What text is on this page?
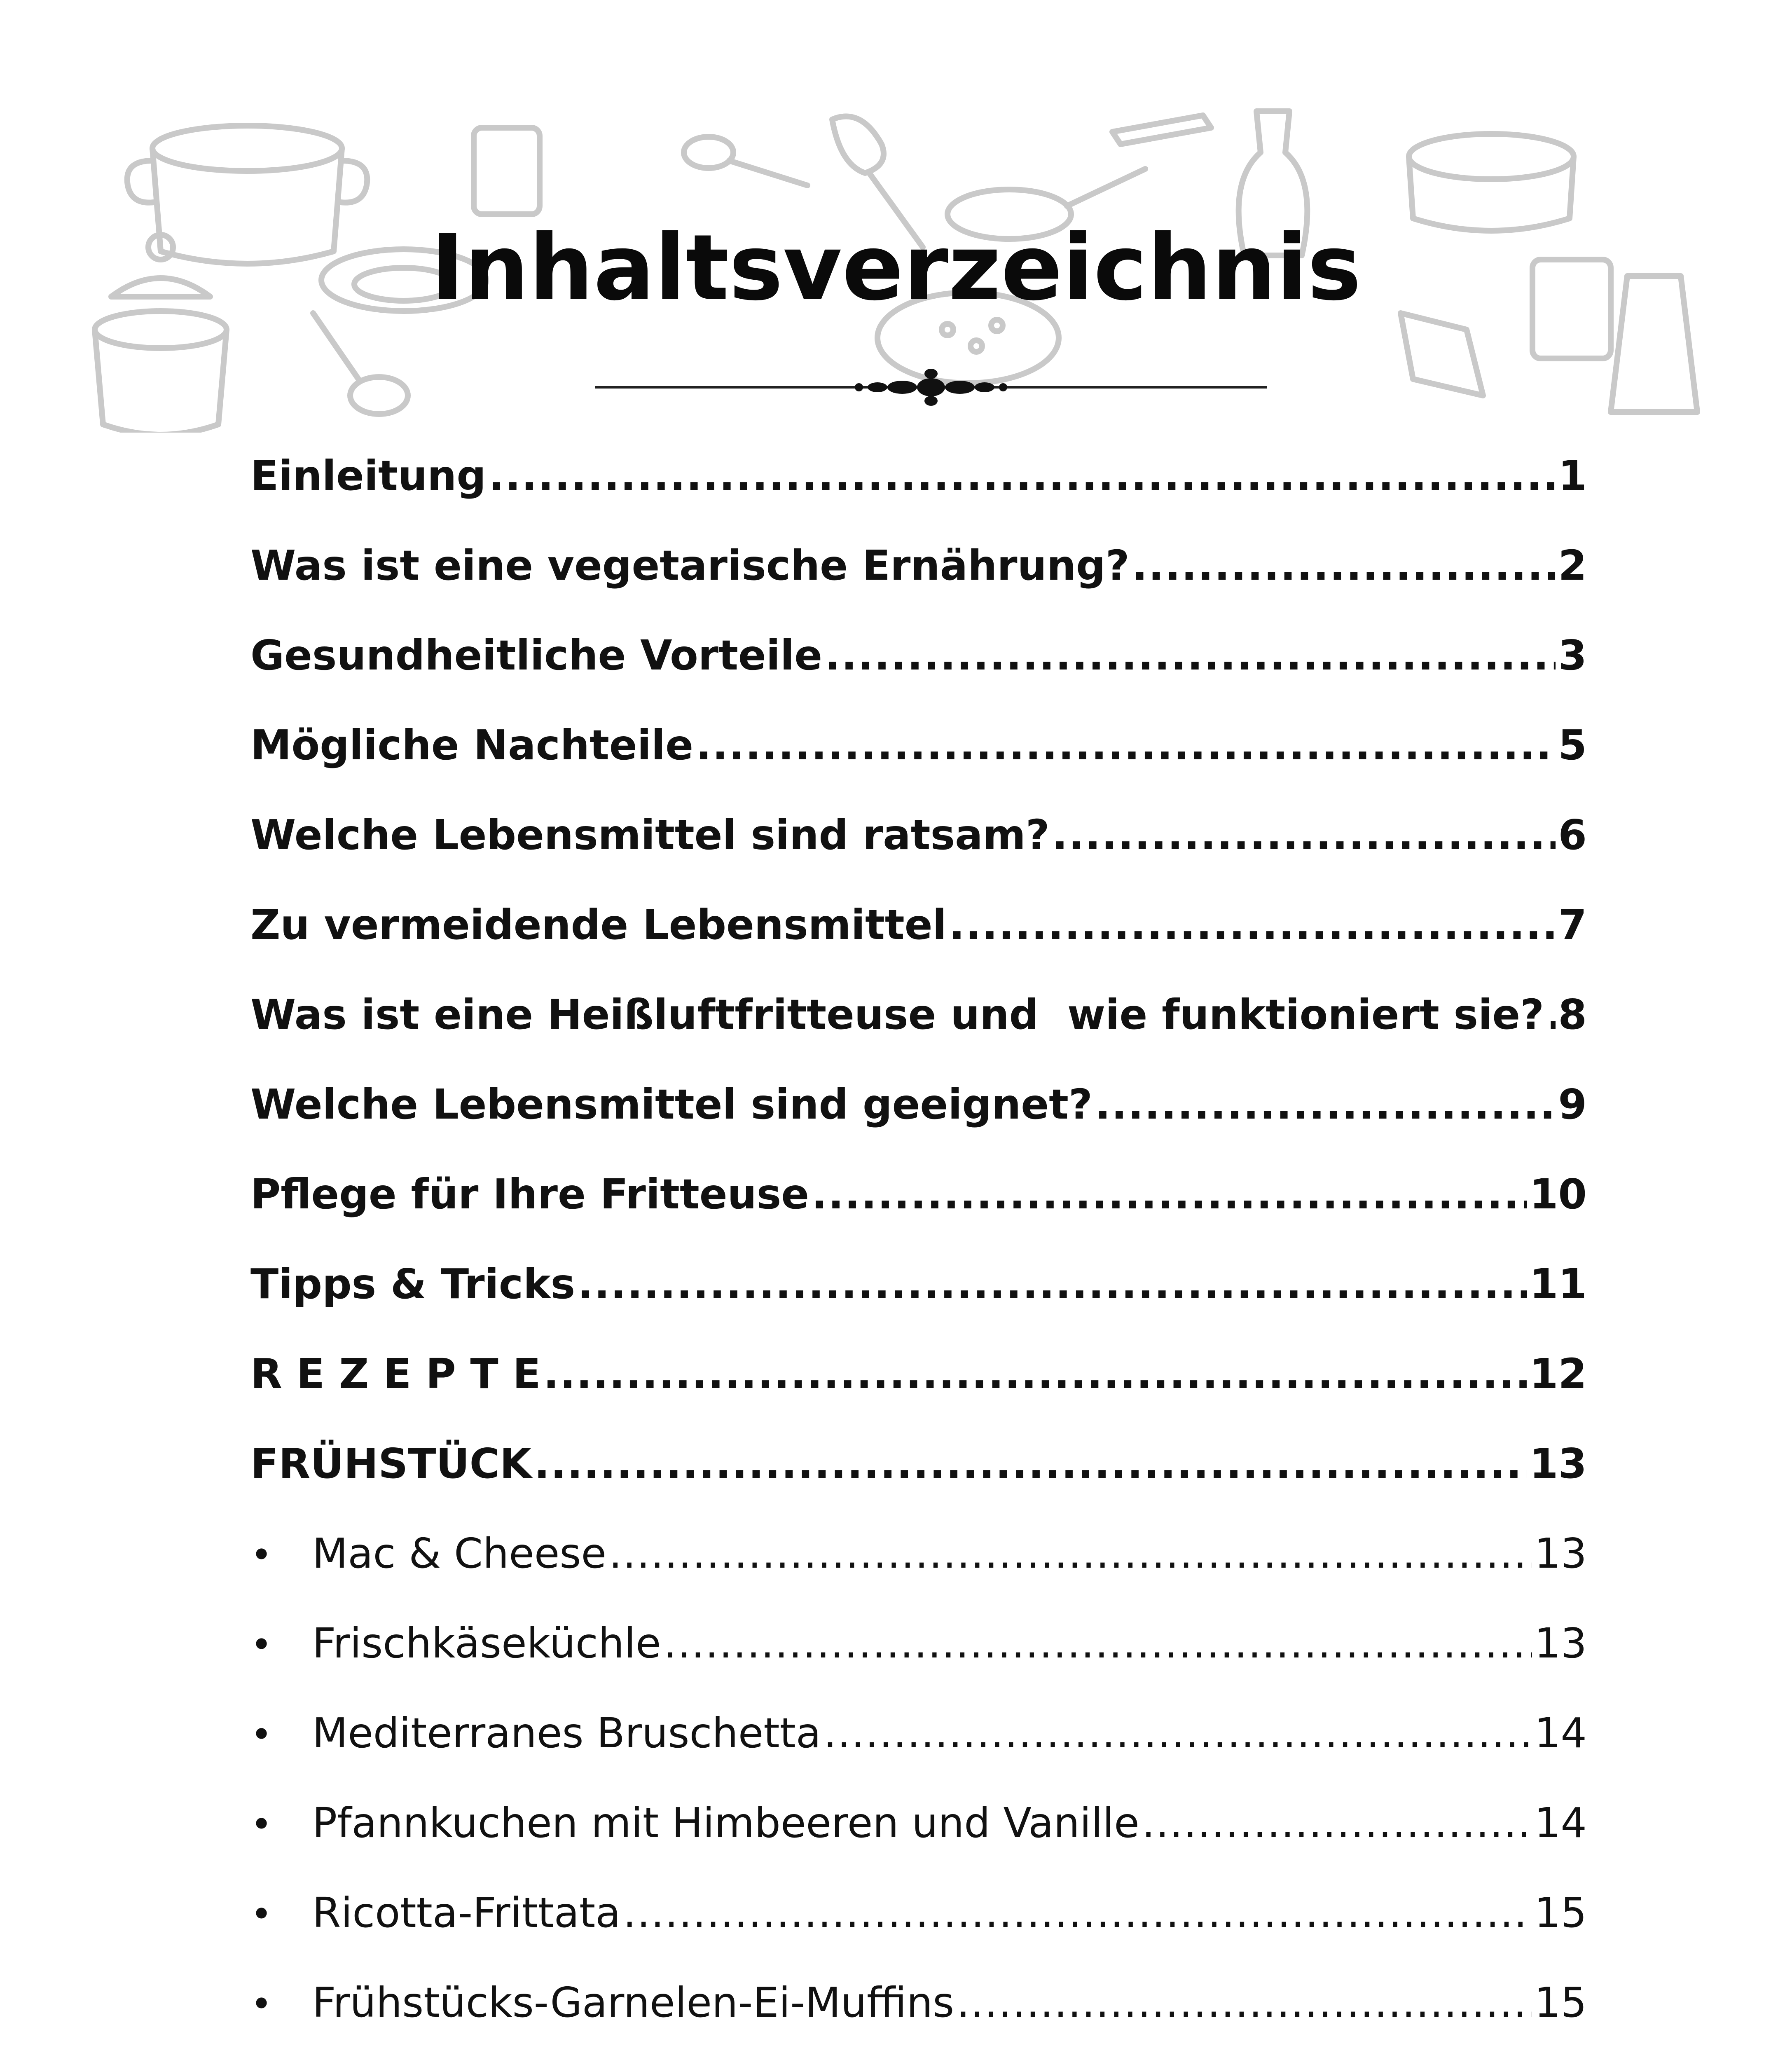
Inhaltsverzeichnis
Einleitung .....	1
Was ist eine vegetarische Ernährung? .....	2
Gesundheitliche Vorteile .....	3
Mögliche Nachteile .....	5
Welche Lebensmittel sind ratsam? .....	6
Zu vermeidende Lebensmittel .....	7
Was ist eine Heißluftfritteuse und  wie funktioniert sie? ..... 8
Welche Lebensmittel sind geeignet? .....	9
Pflege für Ihre Fritteuse .....	10
Tipps & Tricks .....	11
R E Z E P T E .....	12
FRÜHSTÜCK .....	13
• Mac & Cheese .....	13
• Frischkäseküchle .....	13
• Mediterranes Bruschetta .....	14
• Pfannkuchen mit Himbeeren und Vanille .....	14
• Ricotta-Frittata .....	15
• Frühstücks-Garnelen-Ei-Muffins .....	15
